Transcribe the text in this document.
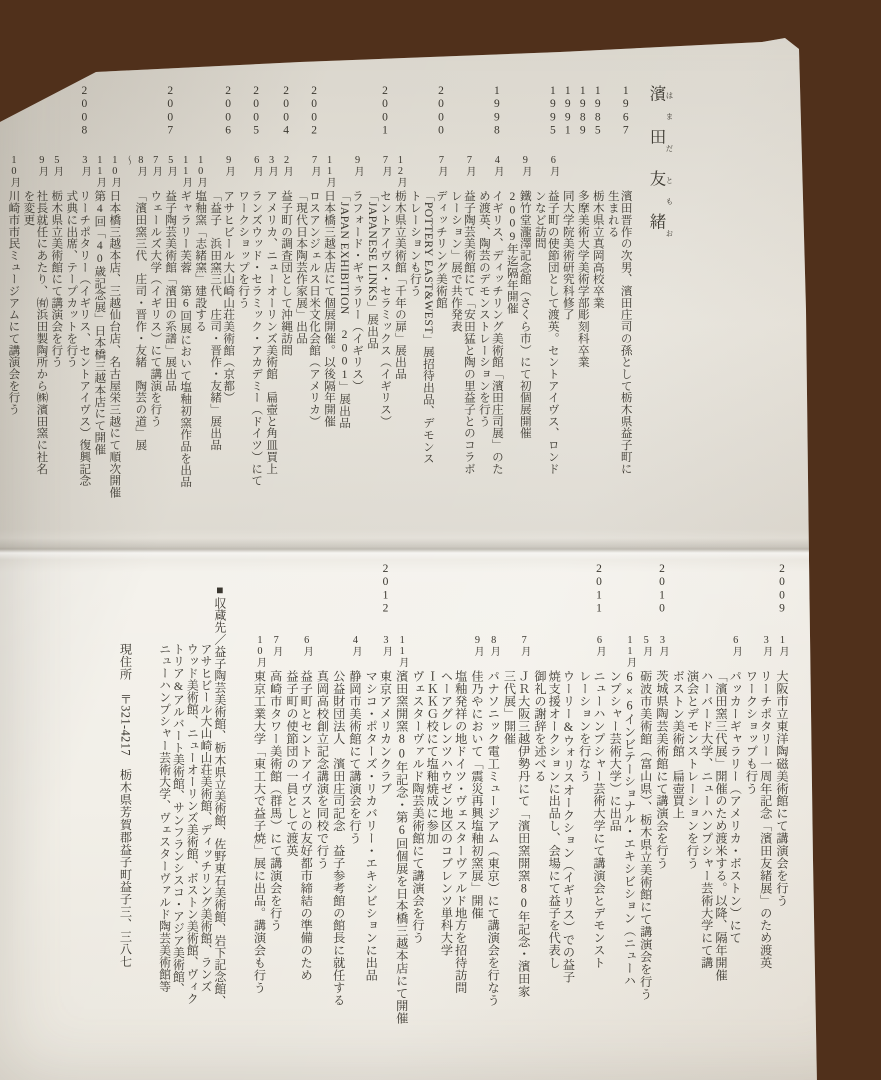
濱 はま田 だ友 とも緒 お
1967濱田晋作の次男、濱田庄司の孫として栃木県益子町に
生まれる
1985栃木県立真岡高校卒業
1989多摩美術大学美術学部彫刻科卒業
1991同大学院美術研究科修了
19956月益子町の使節団として渡英。セントアイヴス、ロンド
ンなど訪問
9月鐵竹堂瀧澤記念館（さくら市）にて初個展開催
2009年迄隔年開催
19984月イギリス、ディッチリング美術館「濱田庄司展」のた
め渡英、陶芸のデモンストレーションを行う
7月益子陶芸美術館にて「安田猛と陶の里益子とのコラボ
レーション」展で共作発表
20007月ディッチリング美術館
「POTTERY EAST&WEST」展招待出品、デモンス
トレーションも行う
12月栃木県立美術館「千年の扉」展出品
20017月セントアイヴス・セラミックス（イギリス）
「JAPANESE LINKS」展出品
9月ラフォード・ギャラリー（イギリス）
「JAPAN EXHIBITION 2001」展出品
11月日本橋三越本店にて個展開催。以後隔年開催
20027月ロスアンジェルス日米文化会館（アメリカ）
「現代日本陶芸作家展」出品
20042月益子町の調査団として沖縄訪問
3月アメリカ、ニューオーリンズ美術館　扁壺と角皿買上
20056月ランズウッド・セラミック・アカデミー（ドイツ）にて
ワークショップを行う
20069月アサヒビール大山崎山荘美術館（京都）
「益子　浜田窯三代　庄司・晋作・友緒」展出品
10月塩釉窯「志緒窯」建設する
11月ギャラリー芙蓉　第6回展において塩釉初窯作品を出品
20075月益子陶芸美術館「濱田の系譜」展出品
7月ウェールズ大学（イギリス）にて講演を行う
8月「濱田窯三代　庄司・晋作・友緒　陶芸の道」展
〜
10月日本橋三越本店、三越仙台店、名古屋栄三越にて順次開催
11月第4回「40歳記念展」日本橋三越本店にて開催
20083月リーチポタリー（イギリス、セントアイヴス）復興記念
式典に出席、テープカットを行う
5月栃木県立美術館にて講演会を行う
9月社長就任にあたり、㈲浜田製陶所から㈱濱田窯に社名
を変更
10月川崎市市民ミュージアムにて講演会を行う
20091月大阪市立東洋陶磁美術館にて講演会を行う
3月リーチポタリー一周年記念「濱田友緒展」のため渡英
ワークショップも行う
6月パッカーギャラリー（アメリカ・ボストン）にて
「濱田窯三代展」開催のため渡米する。以降、隔年開催
ハーバード大学、ニューハンプシャー芸術大学にて講
演会とデモンストレーションを行う
ボストン美術館　扁壺買上
20103月茨城県陶芸美術館にて講演会を行う
5月砺波市美術館（富山県）、栃木県立美術館にて講演会を行う
11月6×6インビテーショナル・エキシビション（ニューハ
ンプシャー芸術大学）に出品
20116月ニューハンプシャー芸術大学にて講演会とデモンスト
レーションを行なう
ウーリー&ウォリスオークション（イギリス）での益子
焼支援オークションに出品し、会場にて益子を代表し
御礼の謝辞を述べる
7月ＪＲ大阪三越伊勢丹にて「濱田窯開窯80年記念・濱田家
三代展」開催
8月パナソニック電工ミュージアム（東京）にて講演会を行なう
9月佳乃やにおいて「震災再興塩釉初窯展」開催
塩釉発祥の地ドイツ・ヴェスターヴァルド地方を招待訪問
ヘーアグレンツハウゼン地区のコブレンツ単科大学
ＩＫＫＧ校にて塩釉焼成に参加
ヴェスターヴァルド陶芸美術館にて講演会を行う
11月濱田窯開窯80年記念・第6回個展を日本橋三越本店にて開催
20123月東京アメリカンクラブ
マシコ・ポターズ・リカバリー・エキシビションに出品
4月静岡市美術館にて講演会を行う
公益財団法人　濱田庄司記念　益子参考館の館長に就任する
真岡高校創立記念講演を同校で行う
6月益子町とセントアイヴスとの友好都市締結の準備のため
益子町の使節団の一員として渡英
7月高崎市タワー美術館（群馬）にて講演会を行う
10月東京工業大学「東工大で益子焼」展に出品。講演会も行う
■収蔵先／益子陶芸美術館、栃木県立美術館、佐野東石美術館、岩下記念館、
アサヒビール大山崎山荘美術館、ディッチリング美術館、ランズ
ウッド美術館、ニューオーリンズ美術館、ボストン美術館、ヴィク
トリア&アルバート美術館、サンフランシスコ・アジア美術館、
ニューハンプシャー芸術大学、ヴェスターヴァルド陶芸美術館等
現住所　〒321-4217　栃木県芳賀郡益子町益子三、三八七
